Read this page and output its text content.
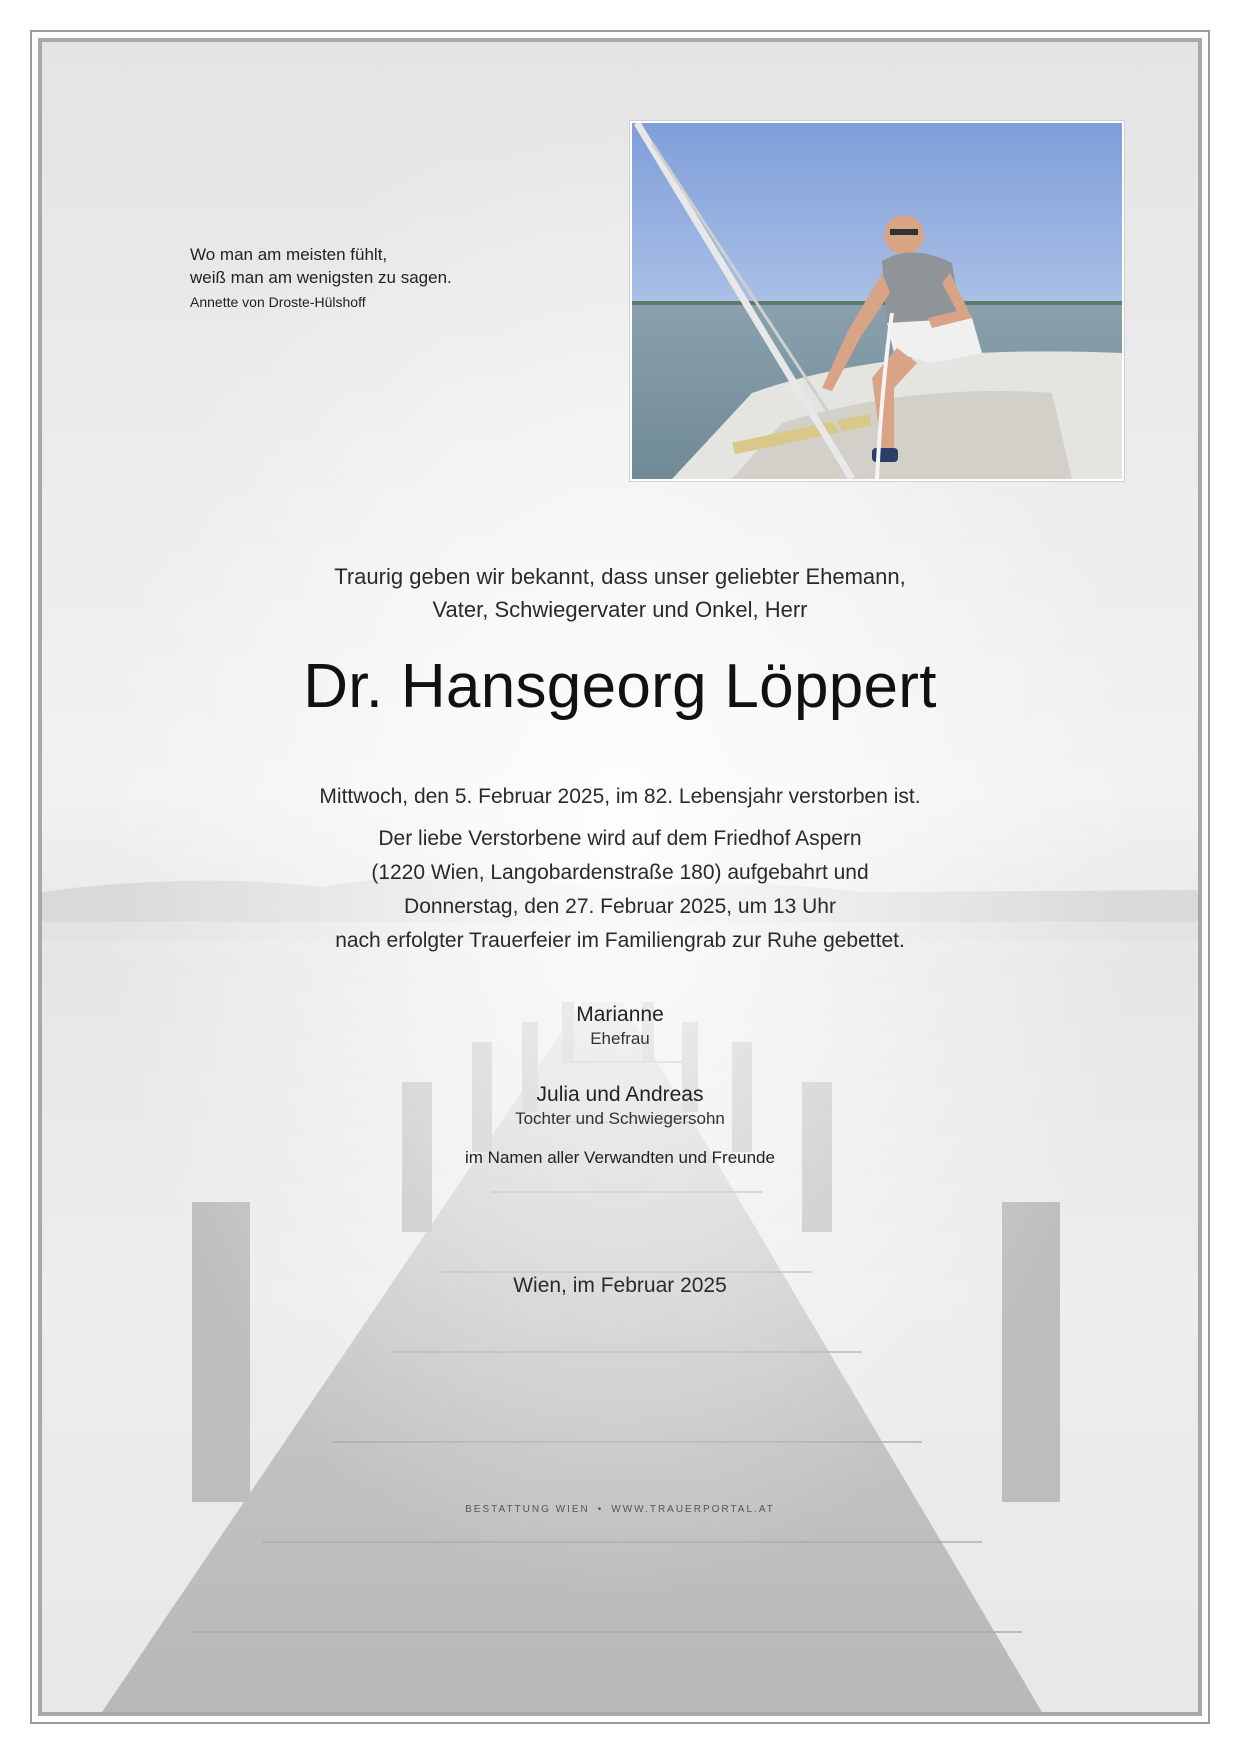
Wo man am meisten fühlt,
weiß man am wenigsten zu sagen.
Annette von Droste-Hülshoff
Traurig geben wir bekannt, dass unser geliebter Ehemann,
Vater, Schwiegervater und Onkel, Herr
Dr. Hansgeorg Löppert
Mittwoch, den 5. Februar 2025, im 82. Lebensjahr verstorben ist.
Der liebe Verstorbene wird auf dem Friedhof Aspern
(1220 Wien, Langobardenstraße 180) aufgebahrt und
Donnerstag, den 27. Februar 2025, um 13 Uhr
nach erfolgter Trauerfeier im Familiengrab zur Ruhe gebettet.
Marianne
Ehefrau
Julia und Andreas
Tochter und Schwiegersohn
im Namen aller Verwandten und Freunde
Wien, im Februar 2025
BESTATTUNG WIEN • WWW.TRAUERPORTAL.AT
